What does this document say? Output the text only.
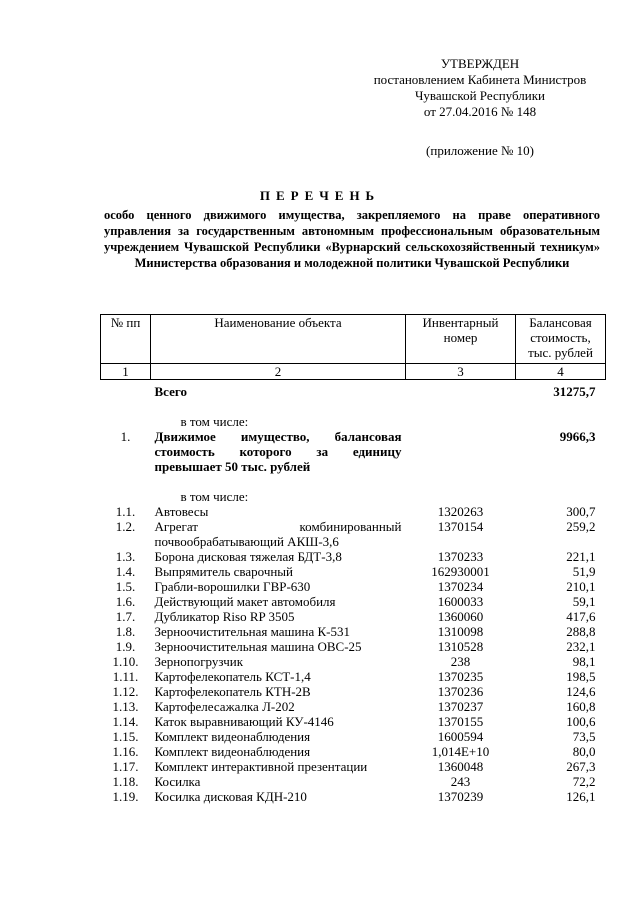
УТВЕРЖДЕН
постановлением Кабинета Министров
Чувашской Республики
от 27.04.2016 № 148
(приложение № 10)
ПЕРЕЧЕНЬ
особо ценного движимого имущества, закрепляемого на праве оперативного управления за государственным автономным профессиональным образовательным учреждением Чувашской Республики «Вурнарский сельскохозяйственный техникум» Министерства образования и молодежной политики Чувашской Республики
№ пп	Наименование объекта	Инвентарный номер	Балансовая стоимость, тыс. рублей
1	2	3	4
	Всего		31275,7

	в том числе:		
1.	Движимое имущество, балансовая стоимость которого за единицу превышает 50 тыс. рублей		9966,3

	в том числе:		
1.1.	Автовесы	1320263	300,7
1.2.	Агрегат комбинированный почвообрабатывающий АКШ-3,6	1370154	259,2
1.3.	Борона дисковая тяжелая БДТ-3,8	1370233	221,1
1.4.	Выпрямитель сварочный	162930001	51,9
1.5.	Грабли-ворошилки ГВР-630	1370234	210,1
1.6.	Действующий макет автомобиля	1600033	59,1
1.7.	Дубликатор Riso RP 3505	1360060	417,6
1.8.	Зерноочистительная машина К-531	1310098	288,8
1.9.	Зерноочистительная машина ОВС-25	1310528	232,1
1.10.	Зернопогрузчик	238	98,1
1.11.	Картофелекопатель КСТ-1,4	1370235	198,5
1.12.	Картофелекопатель КТН-2В	1370236	124,6
1.13.	Картофелесажалка Л-202	1370237	160,8
1.14.	Каток выравнивающий КУ-4146	1370155	100,6
1.15.	Комплект видеонаблюдения	1600594	73,5
1.16.	Комплект видеонаблюдения	1,014E+10	80,0
1.17.	Комплект интерактивной презентации	1360048	267,3
1.18.	Косилка	243	72,2
1.19.	Косилка дисковая КДН-210	1370239	126,1
